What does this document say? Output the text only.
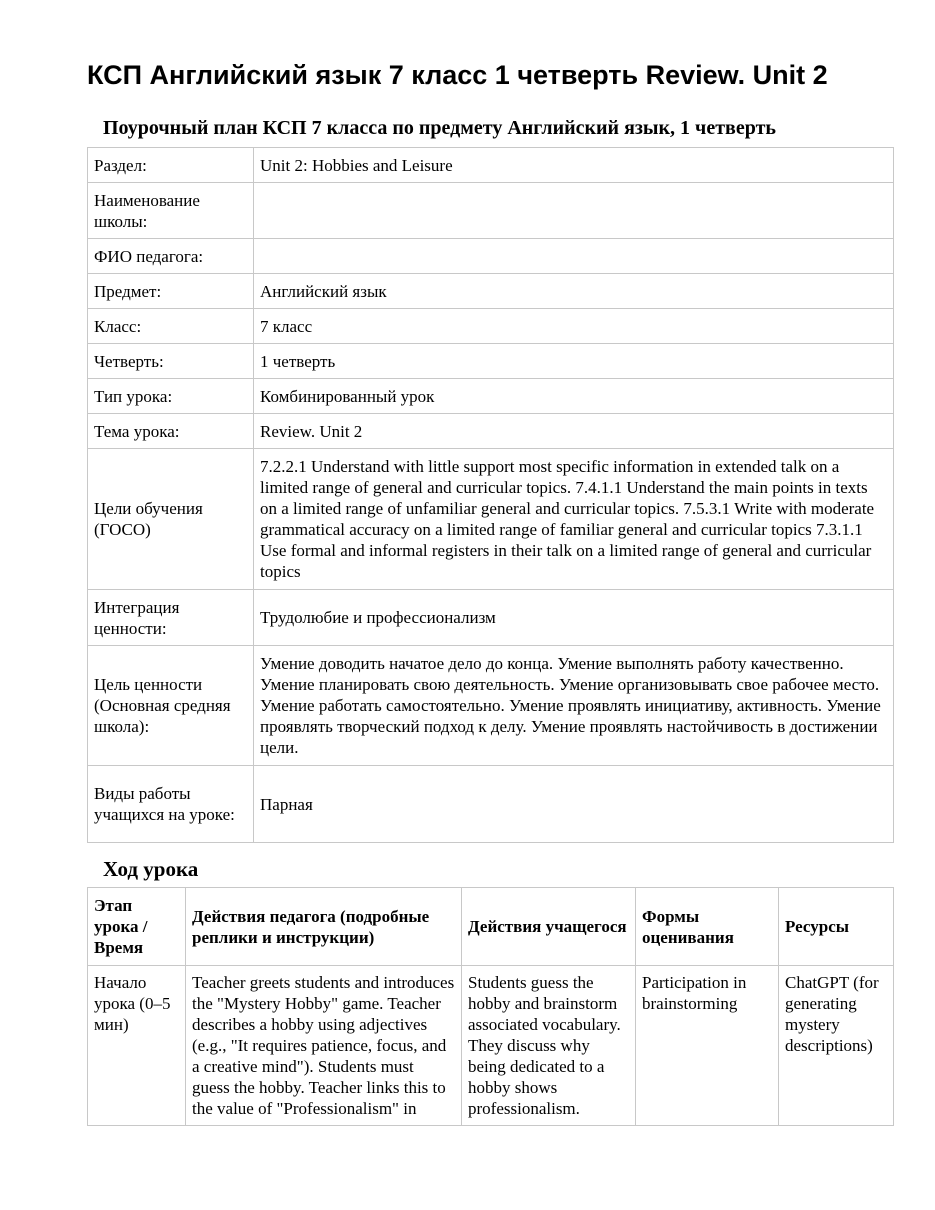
КСП Английский язык 7 класс 1 четверть Review. Unit 2
Поурочный план КСП 7 класса по предмету Английский язык, 1 четверть
Раздел:	Unit 2: Hobbies and Leisure
Наименование школы:	
ФИО педагога:	
Предмет:	Английский язык
Класс:	7 класс
Четверть:	1 четверть
Тип урока:	Комбинированный урок
Тема урока:	Review. Unit 2
Цели обучения (ГОСО)	7.2.2.1 Understand with little support most specific information in extended talk on a limited range of general and curricular topics. 7.4.1.1 Understand the main points in texts on a limited range of unfamiliar general and curricular topics. 7.5.3.1 Write with moderate grammatical accuracy on a limited range of familiar general and curricular topics 7.3.1.1 Use formal and informal registers in their talk on a limited range of general and curricular topics
Интеграция ценности:	Трудолюбие и профессионализм
Цель ценности (Основная средняя школа):	Умение доводить начатое дело до конца. Умение выполнять работу качественно. Умение планировать свою деятельность. Умение организовывать свое рабочее место. Умение работать самостоятельно. Умение проявлять инициативу, активность. Умение проявлять творческий подход к делу. Умение проявлять настойчивость в достижении цели.
Виды работы учащихся на уроке:	Парная
Ход урока
Этап урока / Время	Действия педагога (подробные реплики и инструкции)	Действия учащегося	Формы оценивания	Ресурсы
Начало урока (0–5 мин)	Teacher greets students and introduces the "Mystery Hobby" game. Teacher describes a hobby using adjectives (e.g., "It requires patience, focus, and a creative mind"). Students must guess the hobby. Teacher links this to the value of "Professionalism" in	Students guess the hobby and brainstorm associated vocabulary. They discuss why being dedicated to a hobby shows professionalism.	Participation in brainstorming	ChatGPT (for generating mystery descriptions)
